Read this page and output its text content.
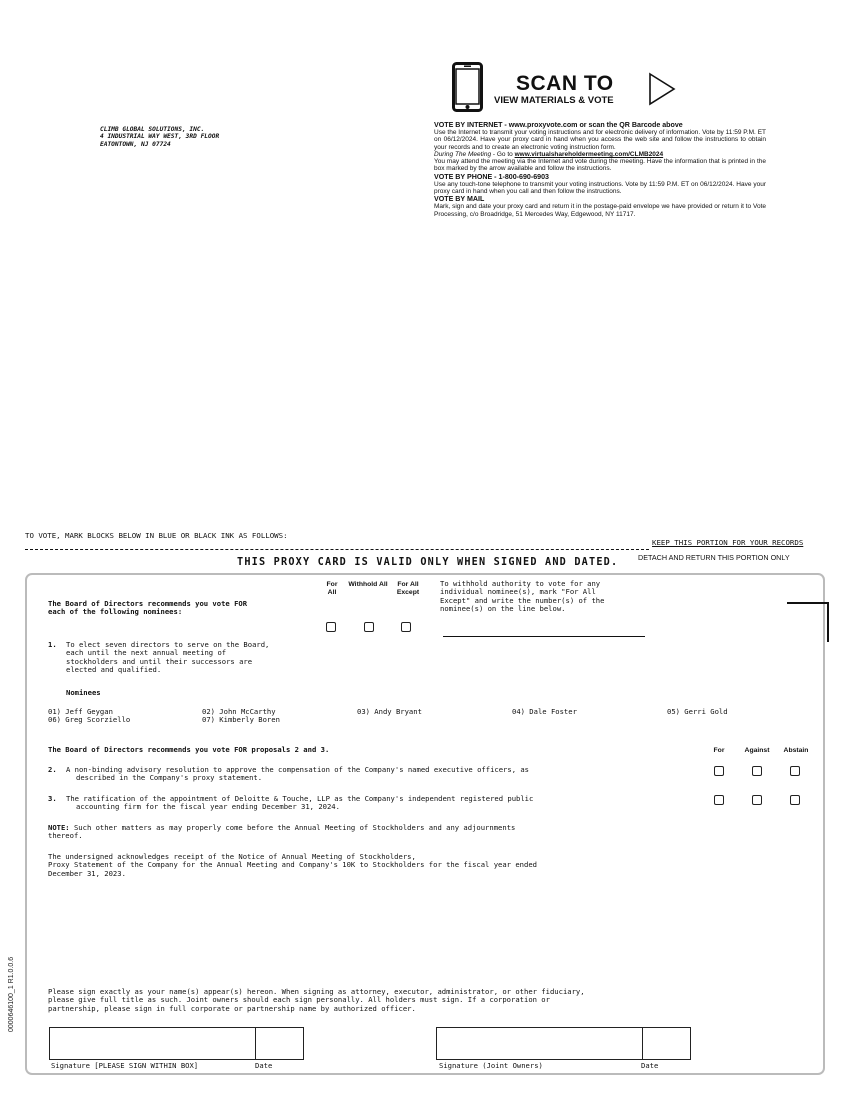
CLIMB GLOBAL SOLUTIONS, INC.
4 INDUSTRIAL WAY WEST, 3RD FLOOR
EATONTOWN, NJ 07724
SCAN TO
VIEW MATERIALS & VOTE
VOTE BY INTERNET - www.proxyvote.com or scan the QR Barcode above
Use the Internet to transmit your voting instructions and for electronic delivery of information. Vote by 11:59 P.M. ET on 06/12/2024. Have your proxy card in hand when you access the web site and follow the instructions to obtain your records and to create an electronic voting instruction form.
During The Meeting - Go to www.virtualshareholdermeeting.com/CLMB2024
You may attend the meeting via the Internet and vote during the meeting. Have the information that is printed in the box marked by the arrow available and follow the instructions.
VOTE BY PHONE - 1-800-690-6903
Use any touch-tone telephone to transmit your voting instructions. Vote by 11:59 P.M. ET on 06/12/2024. Have your proxy card in hand when you call and then follow the instructions.
VOTE BY MAIL
Mark, sign and date your proxy card and return it in the postage-paid envelope we have provided or return it to Vote Processing, c/o Broadridge, 51 Mercedes Way, Edgewood, NY 11717.
TO VOTE, MARK BLOCKS BELOW IN BLUE OR BLACK INK AS FOLLOWS:
KEEP THIS PORTION FOR YOUR RECORDS
DETACH AND RETURN THIS PORTION ONLY
THIS PROXY CARD IS VALID ONLY WHEN SIGNED AND DATED.
For All
Withhold All	For All Except
To withhold authority to vote for any
individual nominee(s), mark "For All
Except" and write the number(s) of the
nominee(s) on the line below.
The Board of Directors recommends you vote FOR
each of the following nominees:
1. To elect seven directors to serve on the Board,
each until the next annual meeting of
stockholders and until their successors are
elected and qualified.
Nominees
01) Jeff Geygan	02) John McCarthy	03) Andy Bryant	04) Dale Foster	05) Gerri Gold
06) Greg Scorziello	07) Kimberly Boren
The Board of Directors recommends you vote FOR proposals 2 and 3.	For	Against	Abstain
2. A non-binding advisory resolution to approve the compensation of the Company's named executive officers, as
described in the Company's proxy statement.
3. The ratification of the appointment of Deloitte & Touche, LLP as the Company's independent registered public
accounting firm for the fiscal year ending December 31, 2024.
NOTE: Such other matters as may properly come before the Annual Meeting of Stockholders and any adjournments
thereof.
The undersigned acknowledges receipt of the Notice of Annual Meeting of Stockholders,
Proxy Statement of the Company for the Annual Meeting and Company's 10K to Stockholders for the fiscal year ended
December 31, 2023.
Please sign exactly as your name(s) appear(s) hereon. When signing as attorney, executor, administrator, or other fiduciary,
please give full title as such. Joint owners should each sign personally. All holders must sign. If a corporation or
partnership, please sign in full corporate or partnership name by authorized officer.
Signature [PLEASE SIGN WITHIN BOX]	Date	Signature (Joint Owners)	Date
0000646100_1 R1.0.0.6
